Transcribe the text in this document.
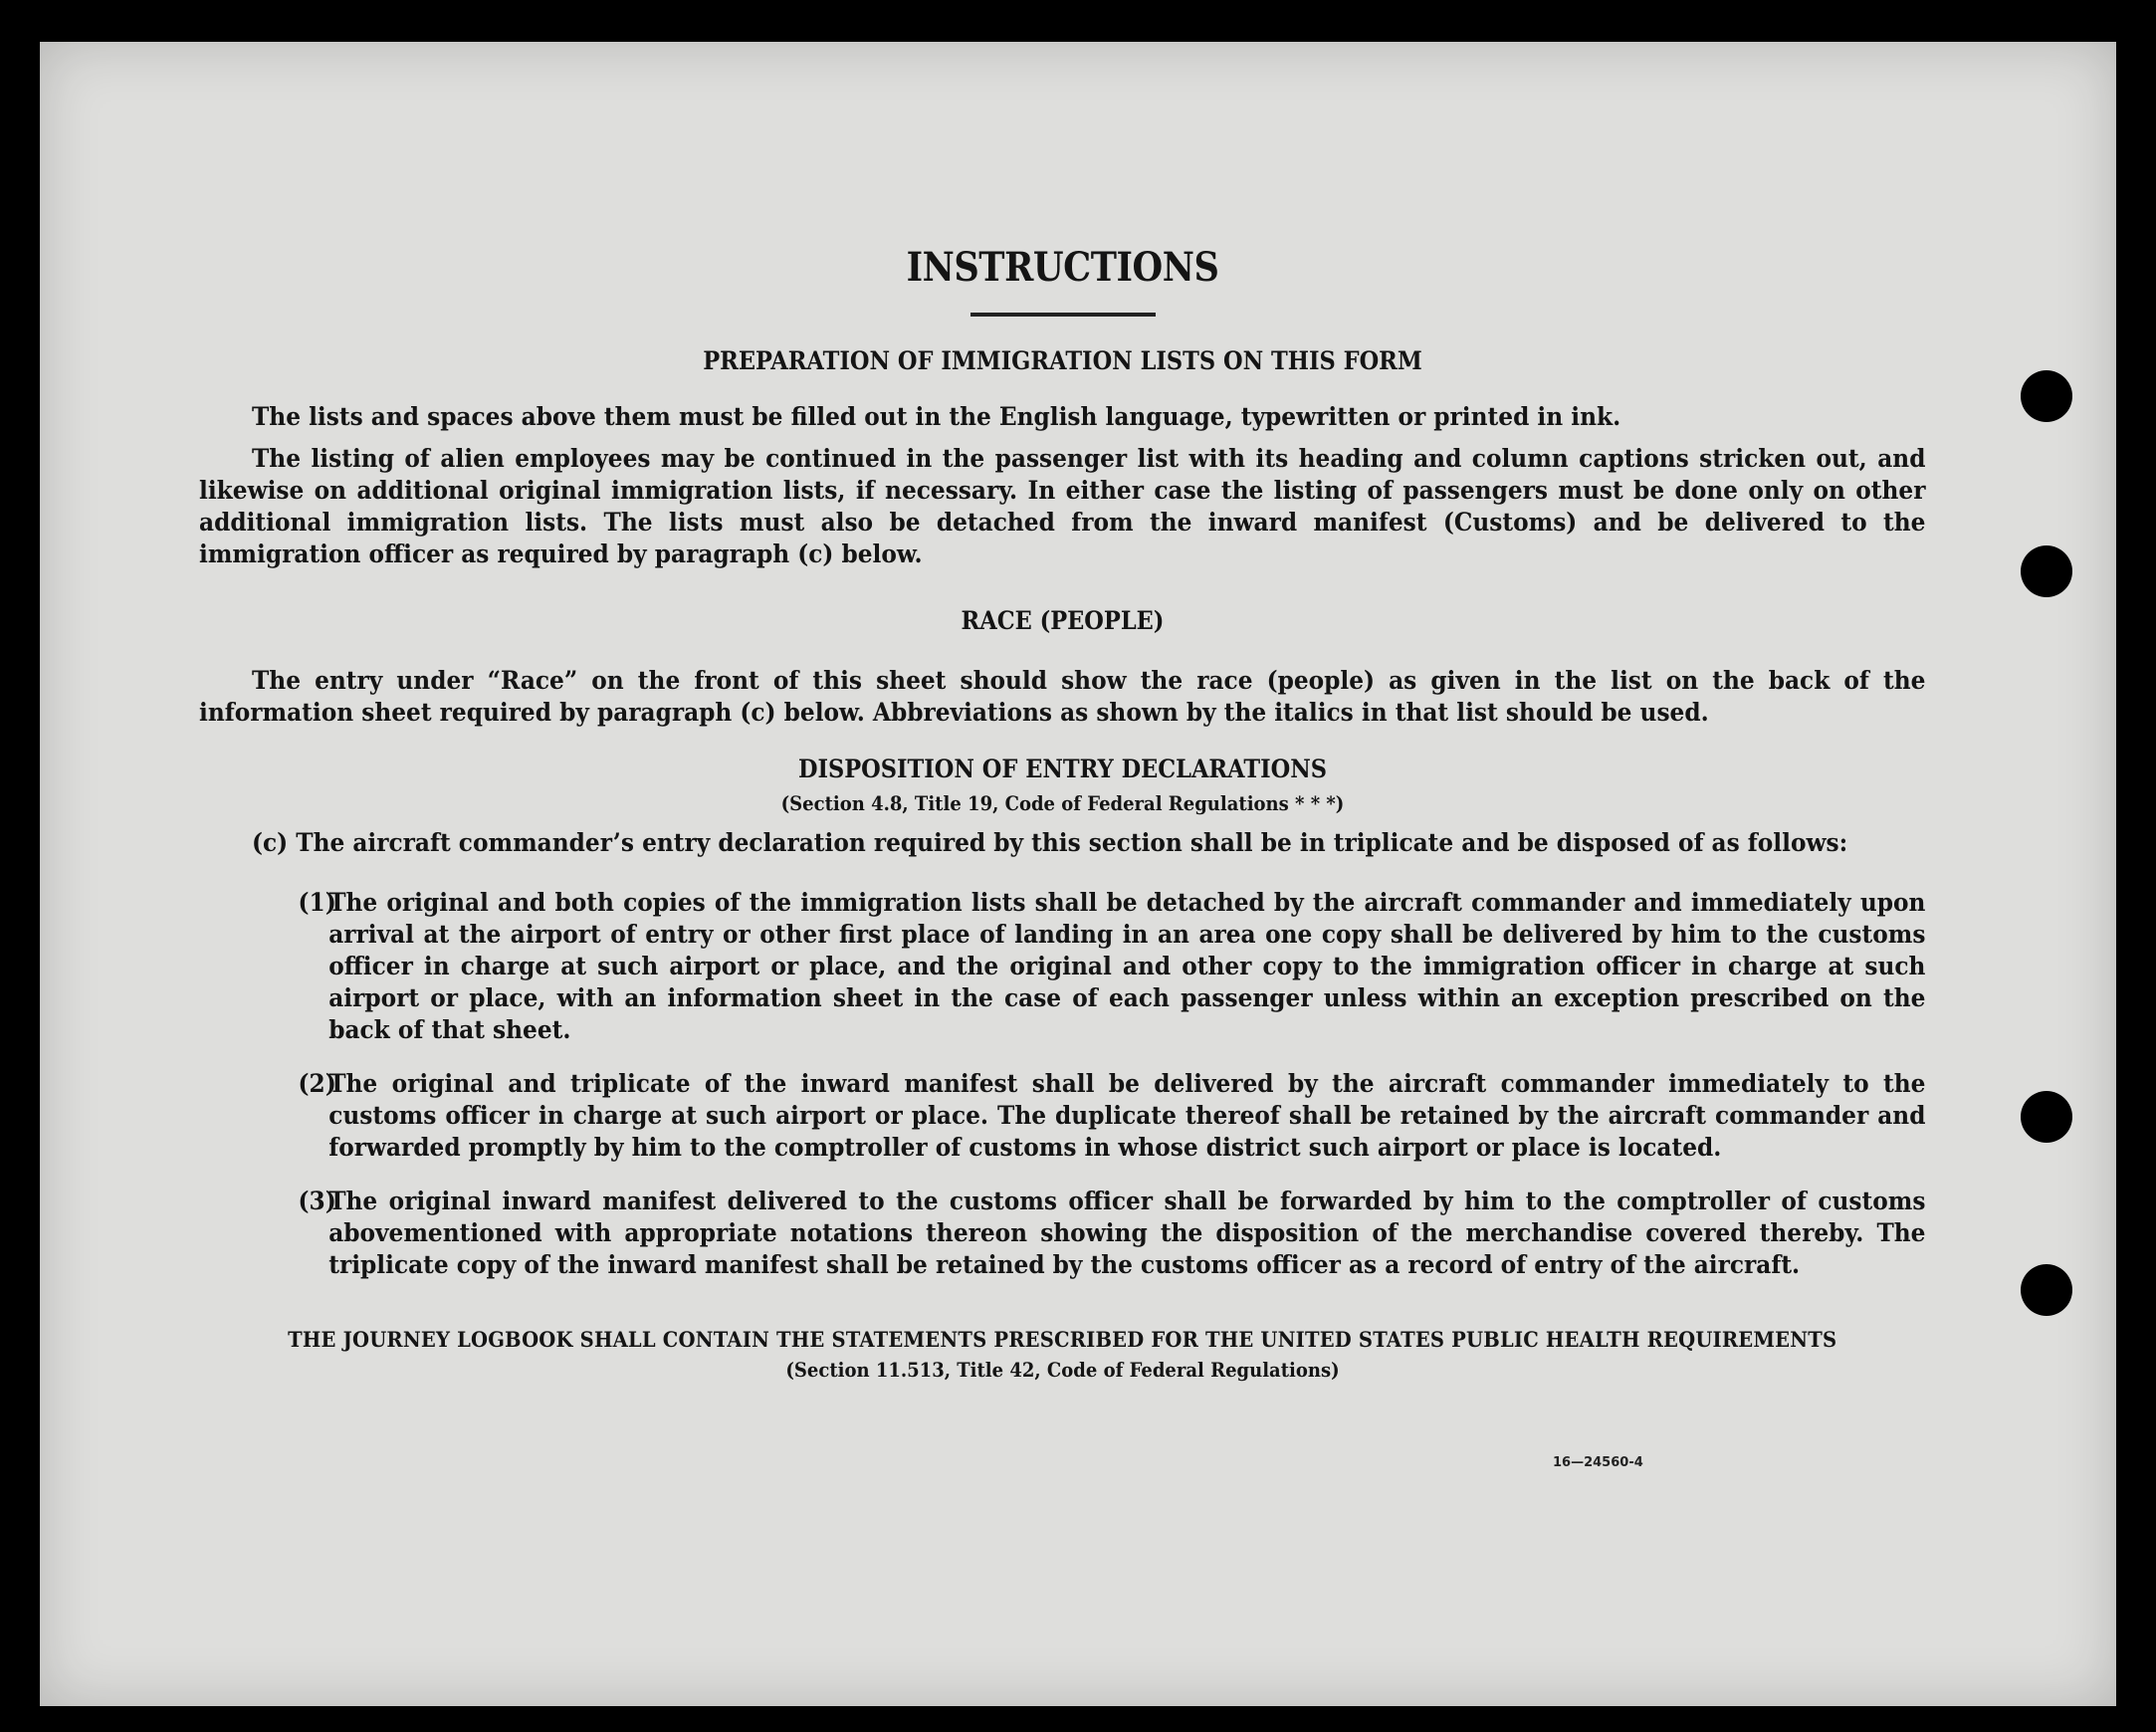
INSTRUCTIONS
PREPARATION OF IMMIGRATION LISTS ON THIS FORM

The lists and spaces above them must be filled out in the English language, typewritten or printed in ink.

The listing of alien employees may be continued in the passenger list with its heading and column captions stricken out, and likewise on additional original immigration lists, if necessary. In either case the listing of passengers must be done only on other additional immigration lists. The lists must also be detached from the inward manifest (Customs) and be delivered to the immigration officer as required by paragraph (c) below.

RACE (PEOPLE)

The entry under “Race” on the front of this sheet should show the race (people) as given in the list on the back of the information sheet required by paragraph (c) below. Abbreviations as shown by the italics in that list should be used.

DISPOSITION OF ENTRY DECLARATIONS
(Section 4.8, Title 19, Code of Federal Regulations * * *)

(c) The aircraft commander’s entry declaration required by this section shall be in triplicate and be disposed of as follows:

(1)
The original and both copies of the immigration lists shall be detached by the aircraft commander and immediately upon arrival at the airport of entry or other first place of landing in an area one copy shall be delivered by him to the customs officer in charge at such airport or place, and the original and other copy to the immigration officer in charge at such airport or place, with an information sheet in the case of each passenger unless within an exception prescribed on the back of that sheet.

(2)
The original and triplicate of the inward manifest shall be delivered by the aircraft commander immediately to the customs officer in charge at such airport or place. The duplicate thereof shall be retained by the aircraft commander and forwarded promptly by him to the comptroller of customs in whose district such airport or place is located.

(3)
The original inward manifest delivered to the customs officer shall be forwarded by him to the comptroller of customs abovementioned with appropriate notations thereon showing the disposition of the merchandise covered thereby. The triplicate copy of the inward manifest shall be retained by the customs officer as a record of entry of the aircraft.

THE JOURNEY LOGBOOK SHALL CONTAIN THE STATEMENTS PRESCRIBED FOR THE UNITED STATES PUBLIC HEALTH REQUIREMENTS
(Section 11.513, Title 42, Code of Federal Regulations)
16—24560-4
